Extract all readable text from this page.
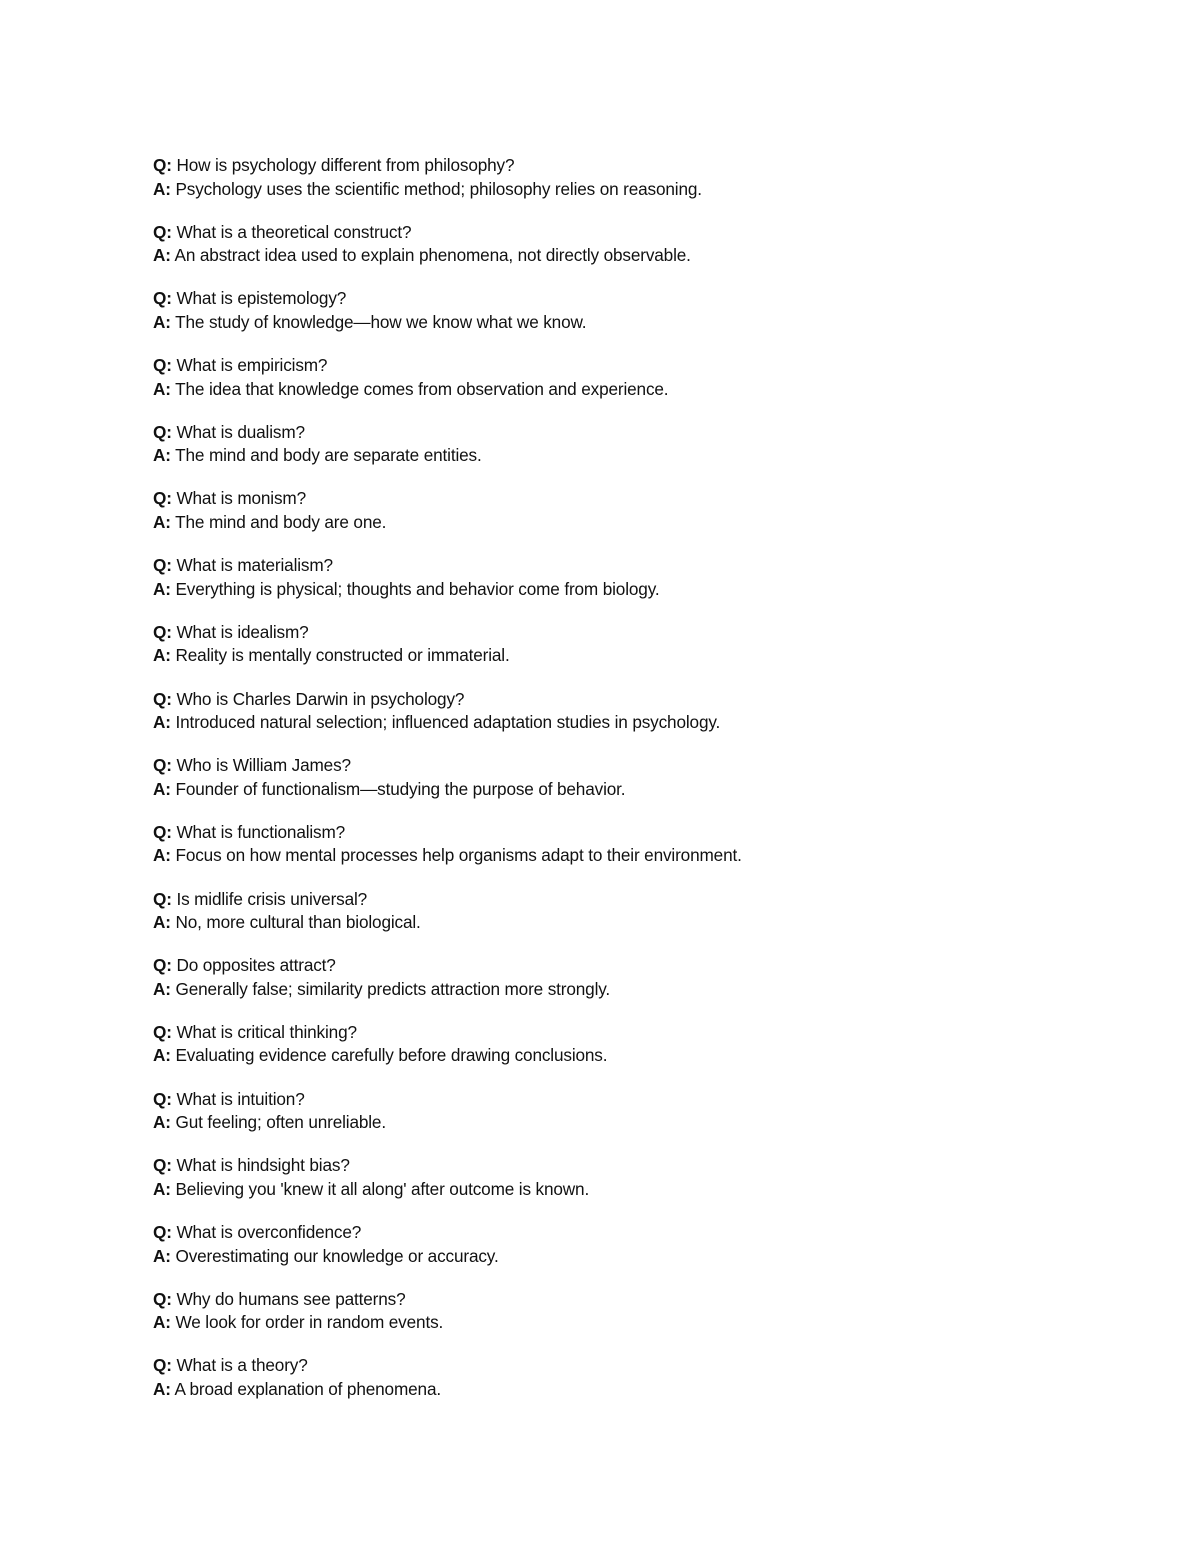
Q: How is psychology different from philosophy?
A: Psychology uses the scientific method; philosophy relies on reasoning.
Q: What is a theoretical construct?
A: An abstract idea used to explain phenomena, not directly observable.
Q: What is epistemology?
A: The study of knowledge—how we know what we know.
Q: What is empiricism?
A: The idea that knowledge comes from observation and experience.
Q: What is dualism?
A: The mind and body are separate entities.
Q: What is monism?
A: The mind and body are one.
Q: What is materialism?
A: Everything is physical; thoughts and behavior come from biology.
Q: What is idealism?
A: Reality is mentally constructed or immaterial.
Q: Who is Charles Darwin in psychology?
A: Introduced natural selection; influenced adaptation studies in psychology.
Q: Who is William James?
A: Founder of functionalism—studying the purpose of behavior.
Q: What is functionalism?
A: Focus on how mental processes help organisms adapt to their environment.
Q: Is midlife crisis universal?
A: No, more cultural than biological.
Q: Do opposites attract?
A: Generally false; similarity predicts attraction more strongly.
Q: What is critical thinking?
A: Evaluating evidence carefully before drawing conclusions.
Q: What is intuition?
A: Gut feeling; often unreliable.
Q: What is hindsight bias?
A: Believing you 'knew it all along' after outcome is known.
Q: What is overconfidence?
A: Overestimating our knowledge or accuracy.
Q: Why do humans see patterns?
A: We look for order in random events.
Q: What is a theory?
A: A broad explanation of phenomena.
